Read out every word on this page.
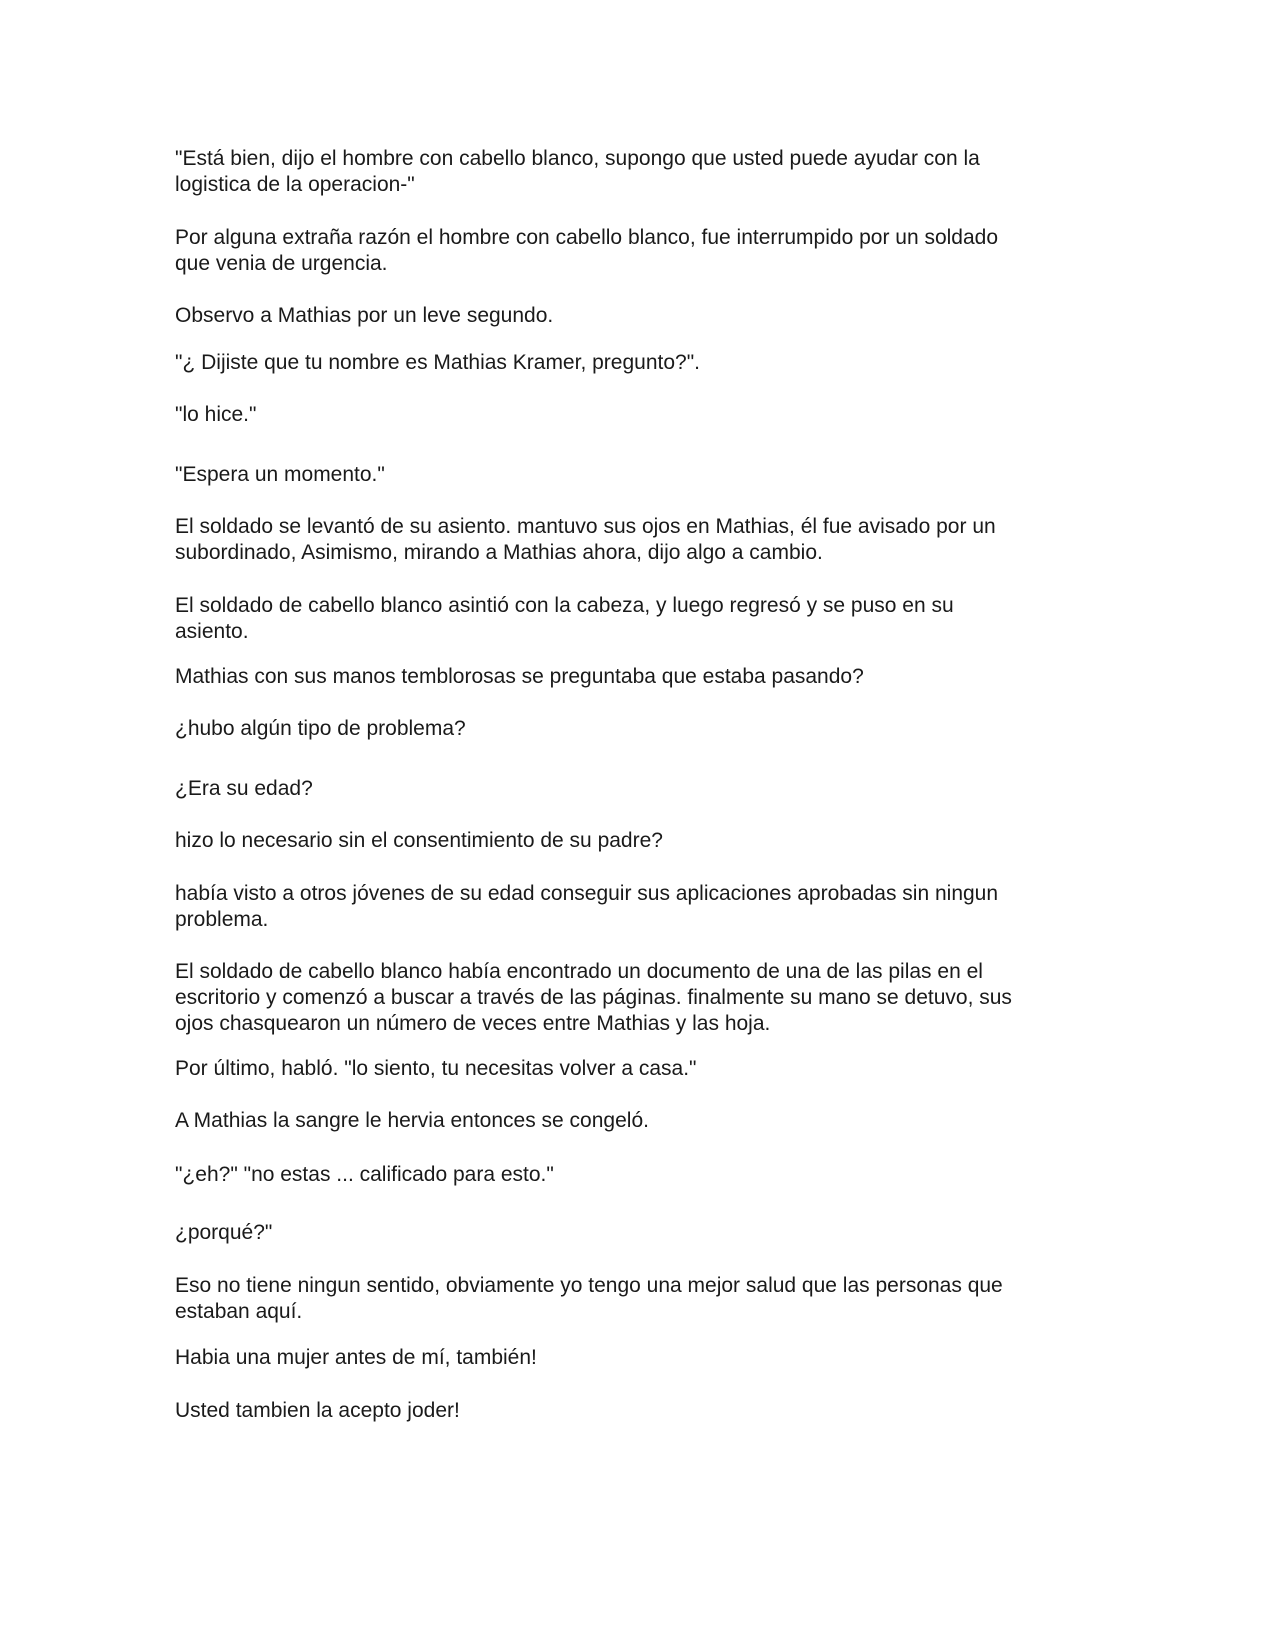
"Está bien, dijo el hombre con cabello blanco, supongo que usted puede ayudar con la
logistica de la operacion-"

Por alguna extraña razón el hombre con cabello blanco, fue interrumpido por un soldado
que venia de urgencia.

Observo a Mathias por un leve segundo.

"¿ Dijiste que tu nombre es Mathias Kramer, pregunto?".

"lo hice."

"Espera un momento."

El soldado se levantó de su asiento. mantuvo sus ojos en Mathias, él fue avisado por un
subordinado, Asimismo, mirando a Mathias ahora, dijo algo a cambio.

El soldado de cabello blanco asintió con la cabeza, y luego regresó y se puso en su
asiento.

Mathias con sus manos temblorosas se preguntaba que estaba pasando?

¿hubo algún tipo de problema?

¿Era su edad?

hizo lo necesario sin el consentimiento de su padre?

había visto a otros jóvenes de su edad conseguir sus aplicaciones aprobadas sin ningun
problema.

El soldado de cabello blanco había encontrado un documento de una de las pilas en el
escritorio y comenzó a buscar a través de las páginas. finalmente su mano se detuvo, sus
ojos chasquearon un número de veces entre Mathias y las hoja.

Por último, habló. "lo siento, tu necesitas volver a casa."

A Mathias la sangre le hervia entonces se congeló.

"¿eh?" "no estas ... calificado para esto."

¿porqué?"

Eso no tiene ningun sentido, obviamente yo tengo una mejor salud que las personas que
estaban aquí.

Habia una mujer antes de mí, también!

Usted tambien la acepto joder!
